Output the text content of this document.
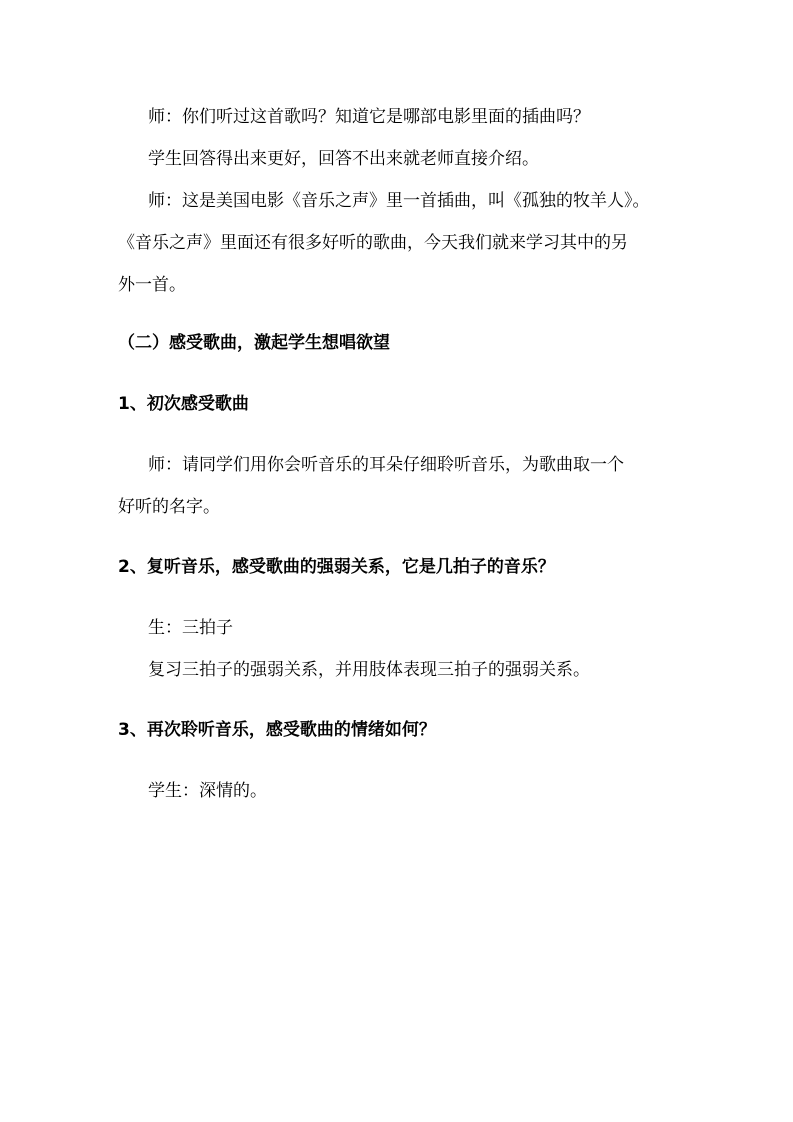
师：你们听过这首歌吗？知道它是哪部电影里面的插曲吗？
学生回答得出来更好，回答不出来就老师直接介绍。
师：这是美国电影《音乐之声》里一首插曲，叫《孤独的牧羊人》。
《音乐之声》里面还有很多好听的歌曲，今天我们就来学习其中的另
外一首。
（二）感受歌曲，激起学生想唱欲望
1、初次感受歌曲
师：请同学们用你会听音乐的耳朵仔细聆听音乐，为歌曲取一个
好听的名字。
2、复听音乐，感受歌曲的强弱关系，它是几拍子的音乐？
生：三拍子
复习三拍子的强弱关系，并用肢体表现三拍子的强弱关系。
3、再次聆听音乐，感受歌曲的情绪如何？
学生：深情的。
